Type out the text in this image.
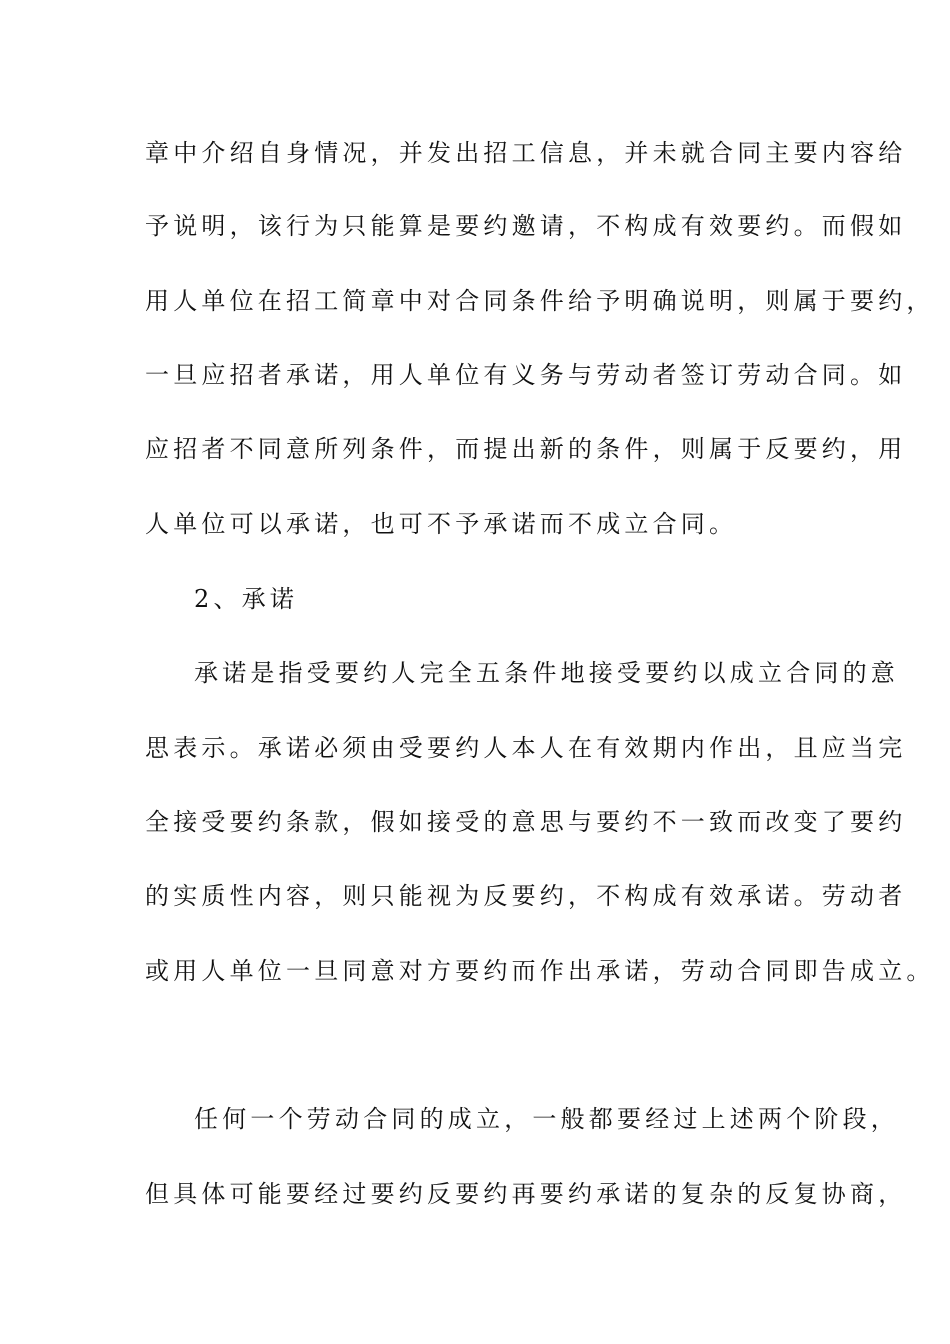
章中介绍自身情况，并发出招工信息，并未就合同主要内容给
予说明，该行为只能算是要约邀请，不构成有效要约。而假如
用人单位在招工简章中对合同条件给予明确说明，则属于要约，
一旦应招者承诺，用人单位有义务与劳动者签订劳动合同。如
应招者不同意所列条件，而提出新的条件，则属于反要约，用
人单位可以承诺，也可不予承诺而不成立合同。
2、承诺
承诺是指受要约人完全五条件地接受要约以成立合同的意
思表示。承诺必须由受要约人本人在有效期内作出，且应当完
全接受要约条款，假如接受的意思与要约不一致而改变了要约
的实质性内容，则只能视为反要约，不构成有效承诺。劳动者
或用人单位一旦同意对方要约而作出承诺，劳动合同即告成立。
任何一个劳动合同的成立，一般都要经过上述两个阶段，
但具体可能要经过要约反要约再要约承诺的复杂的反复协商，
